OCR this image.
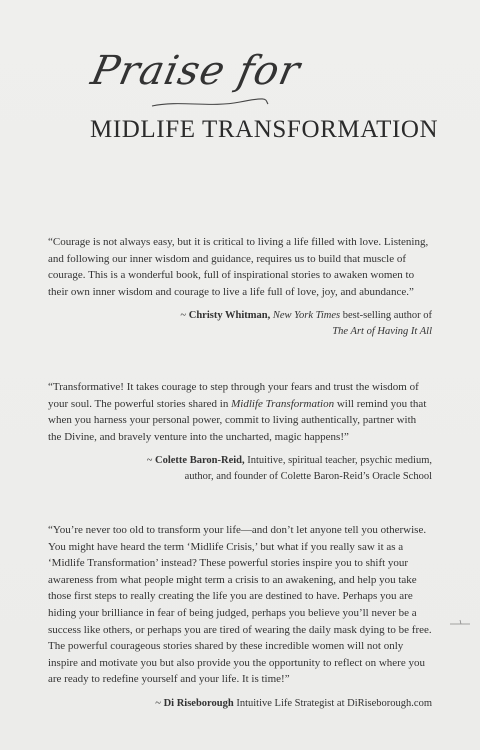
Praise for
MIDLIFE TRANSFORMATION

“Courage is not always easy, but it is critical to living a life filled with love. Listening, and following our inner wisdom and guidance, requires us to build that muscle of courage. This is a wonderful book, full of inspirational stories to awaken women to their own inner wisdom and courage to live a life full of love, joy, and abundance.”

~ Christy Whitman, New York Times best-selling author of
The Art of Having It All

“Transformative! It takes courage to step through your fears and trust the wisdom of your soul. The powerful stories shared in Midlife Transformation will remind you that when you harness your personal power, commit to living authentically, partner with the Divine, and bravely venture into the uncharted, magic happens!”

~ Colette Baron-Reid, Intuitive, spiritual teacher, psychic medium,
author, and founder of Colette Baron-Reid’s Oracle School

“You’re never too old to transform your life—and don’t let anyone tell you otherwise. You might have heard the term ‘Midlife Crisis,’ but what if you really saw it as a ‘Midlife Transformation’ instead? These powerful stories inspire you to shift your awareness from what people might term a crisis to an awakening, and help you take those first steps to really creating the life you are destined to have. Perhaps you are hiding your brilliance in fear of being judged, perhaps you believe you’ll never be a success like others, or perhaps you are tired of wearing the daily mask dying to be free. The powerful courageous stories shared by these incredible women will not only inspire and motivate you but also provide you the opportunity to reflect on where you are ready to redefine yourself and your life. It is time!”

~ Di Riseborough Intuitive Life Strategist at DiRiseborough.com
